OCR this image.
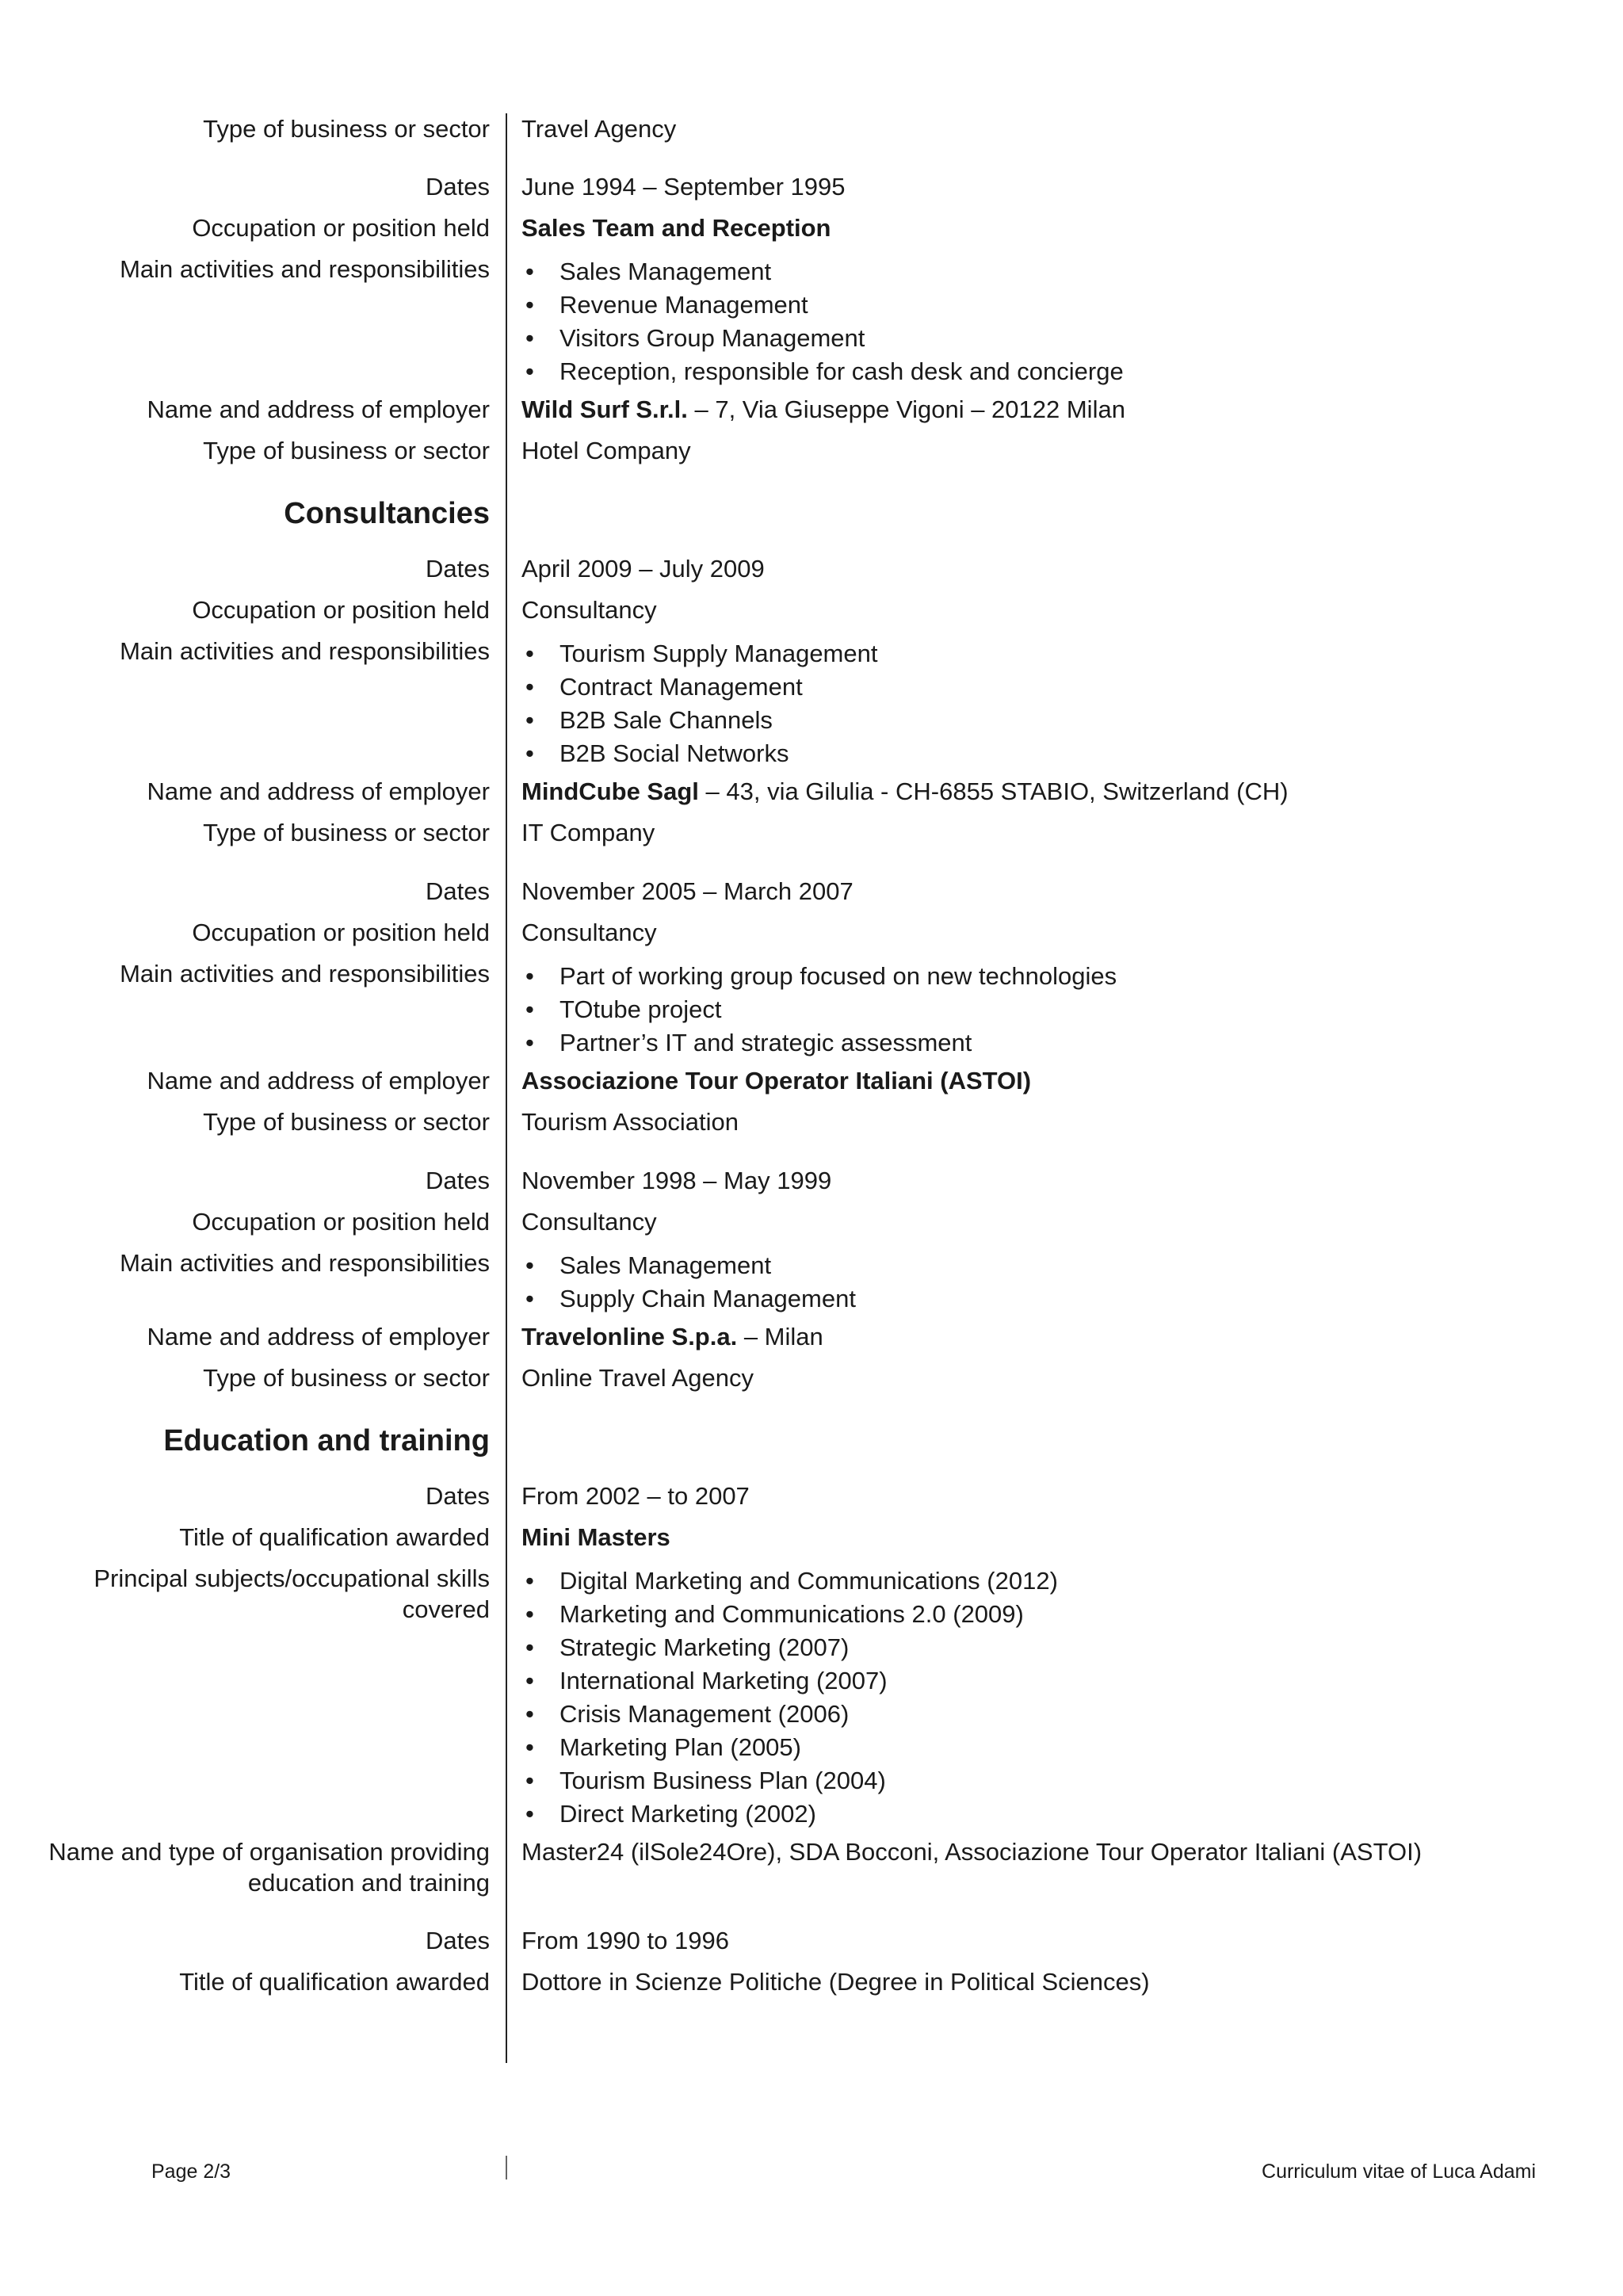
Type of business or sector Travel Agency
Dates June 1994 – September 1995
Occupation or position held Sales Team and Reception
Main activities and responsibilities	• Sales Management
• Revenue Management
• Visitors Group Management
• Reception, responsible for cash desk and concierge
Name and address of employer Wild Surf S.r.l. – 7, Via Giuseppe Vigoni – 20122 Milan
Type of business or sector Hotel Company
Consultancies
Dates April 2009 – July 2009
Occupation or position held Consultancy
Main activities and responsibilities	• Tourism Supply Management
• Contract Management
• B2B Sale Channels
• B2B Social Networks
Name and address of employer MindCube Sagl – 43, via Gilulia - CH-6855 STABIO, Switzerland (CH)
Type of business or sector IT Company
Dates November 2005 – March 2007
Occupation or position held Consultancy
Main activities and responsibilities	• Part of working group focused on new technologies
• TOtube project
• Partner’s IT and strategic assessment
Name and address of employer Associazione Tour Operator Italiani (ASTOI)
Type of business or sector Tourism Association
Dates November 1998 – May 1999
Occupation or position held Consultancy
Main activities and responsibilities	• Sales Management
• Supply Chain Management
Name and address of employer Travelonline S.p.a. – Milan
Type of business or sector Online Travel Agency
Education and training
Dates From 2002 – to 2007
Title of qualification awarded Mini Masters
Principal subjects/occupational skills covered
• Digital Marketing and Communications (2012)
• Marketing and Communications 2.0 (2009)
• Strategic Marketing (2007)
• International Marketing (2007)
• Crisis Management (2006)
• Marketing Plan (2005)
• Tourism Business Plan (2004)
• Direct Marketing (2002)
Name and type of organisation providing education and training
Master24 (ilSole24Ore), SDA Bocconi, Associazione Tour Operator Italiani (ASTOI)
Dates From 1990 to 1996
Title of qualification awarded Dottore in Scienze Politiche (Degree in Political Sciences)
Page 2/3	Curriculum vitae of Luca Adami
